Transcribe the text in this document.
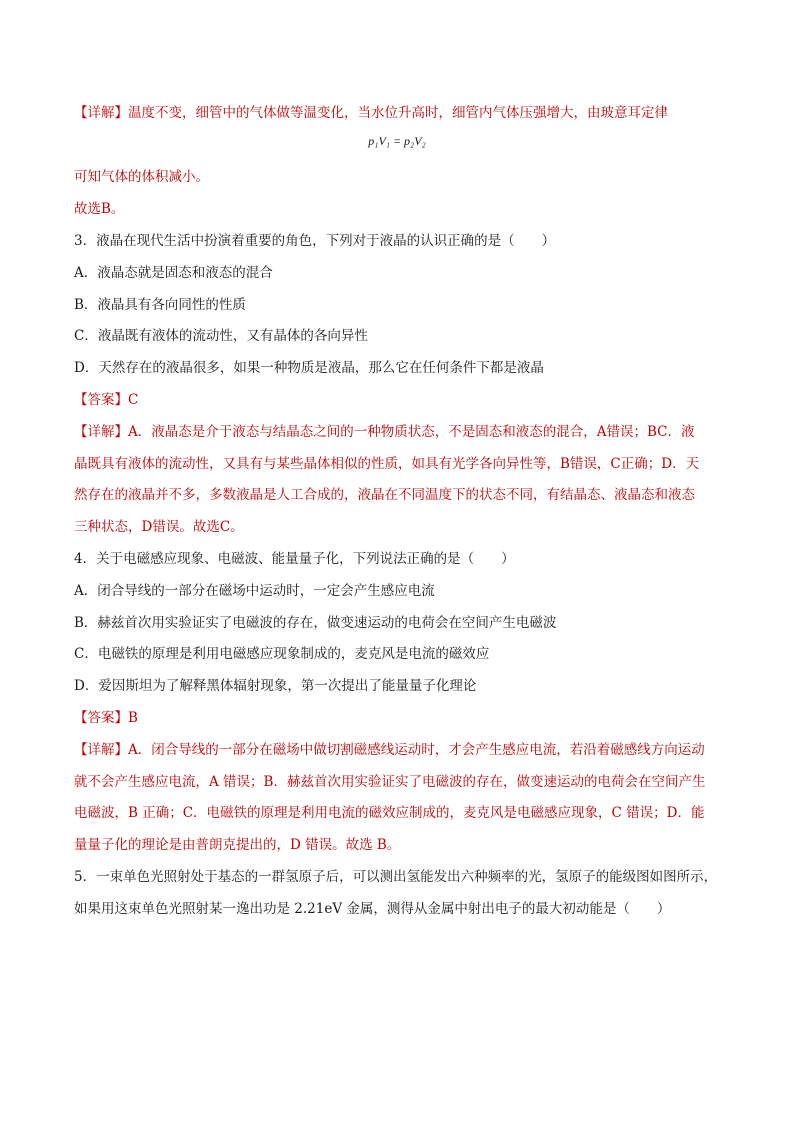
【详解】温度不变，细管中的气体做等温变化，当水位升高时，细管内气体压强增大，由玻意耳定律
p₁V₁ = p₂V₂
可知气体的体积减小。
故选B。
3．液晶在现代生活中扮演着重要的角色，下列对于液晶的认识正确的是（　　）
A．液晶态就是固态和液态的混合
B．液晶具有各向同性的性质
C．液晶既有液体的流动性，又有晶体的各向异性
D．天然存在的液晶很多，如果一种物质是液晶，那么它在任何条件下都是液晶
【答案】C
【详解】A．液晶态是介于液态与结晶态之间的一种物质状态，不是固态和液态的混合，A错误；BC．液
晶既具有液体的流动性，又具有与某些晶体相似的性质，如具有光学各向异性等，B错误，C正确；D．天
然存在的液晶并不多，多数液晶是人工合成的，液晶在不同温度下的状态不同，有结晶态、液晶态和液态
三种状态，D错误。故选C。
4．关于电磁感应现象、电磁波、能量量子化，下列说法正确的是（　　）
A．闭合导线的一部分在磁场中运动时，一定会产生感应电流
B．赫兹首次用实验证实了电磁波的存在，做变速运动的电荷会在空间产生电磁波
C．电磁铁的原理是利用电磁感应现象制成的，麦克风是电流的磁效应
D．爱因斯坦为了解释黑体辐射现象，第一次提出了能量量子化理论
【答案】B
【详解】A．闭合导线的一部分在磁场中做切割磁感线运动时，才会产生感应电流，若沿着磁感线方向运动
就不会产生感应电流，A 错误；B．赫兹首次用实验证实了电磁波的存在，做变速运动的电荷会在空间产生
电磁波，B 正确；C．电磁铁的原理是利用电流的磁效应制成的，麦克风是电磁感应现象，C 错误；D．能
量量子化的理论是由普朗克提出的，D 错误。故选 B。
5．一束单色光照射处于基态的一群氢原子后，可以测出氢能发出六种频率的光，氢原子的能级图如图所示，
如果用这束单色光照射某一逸出功是 2.21eV 金属，测得从金属中射出电子的最大初动能是（　　）
